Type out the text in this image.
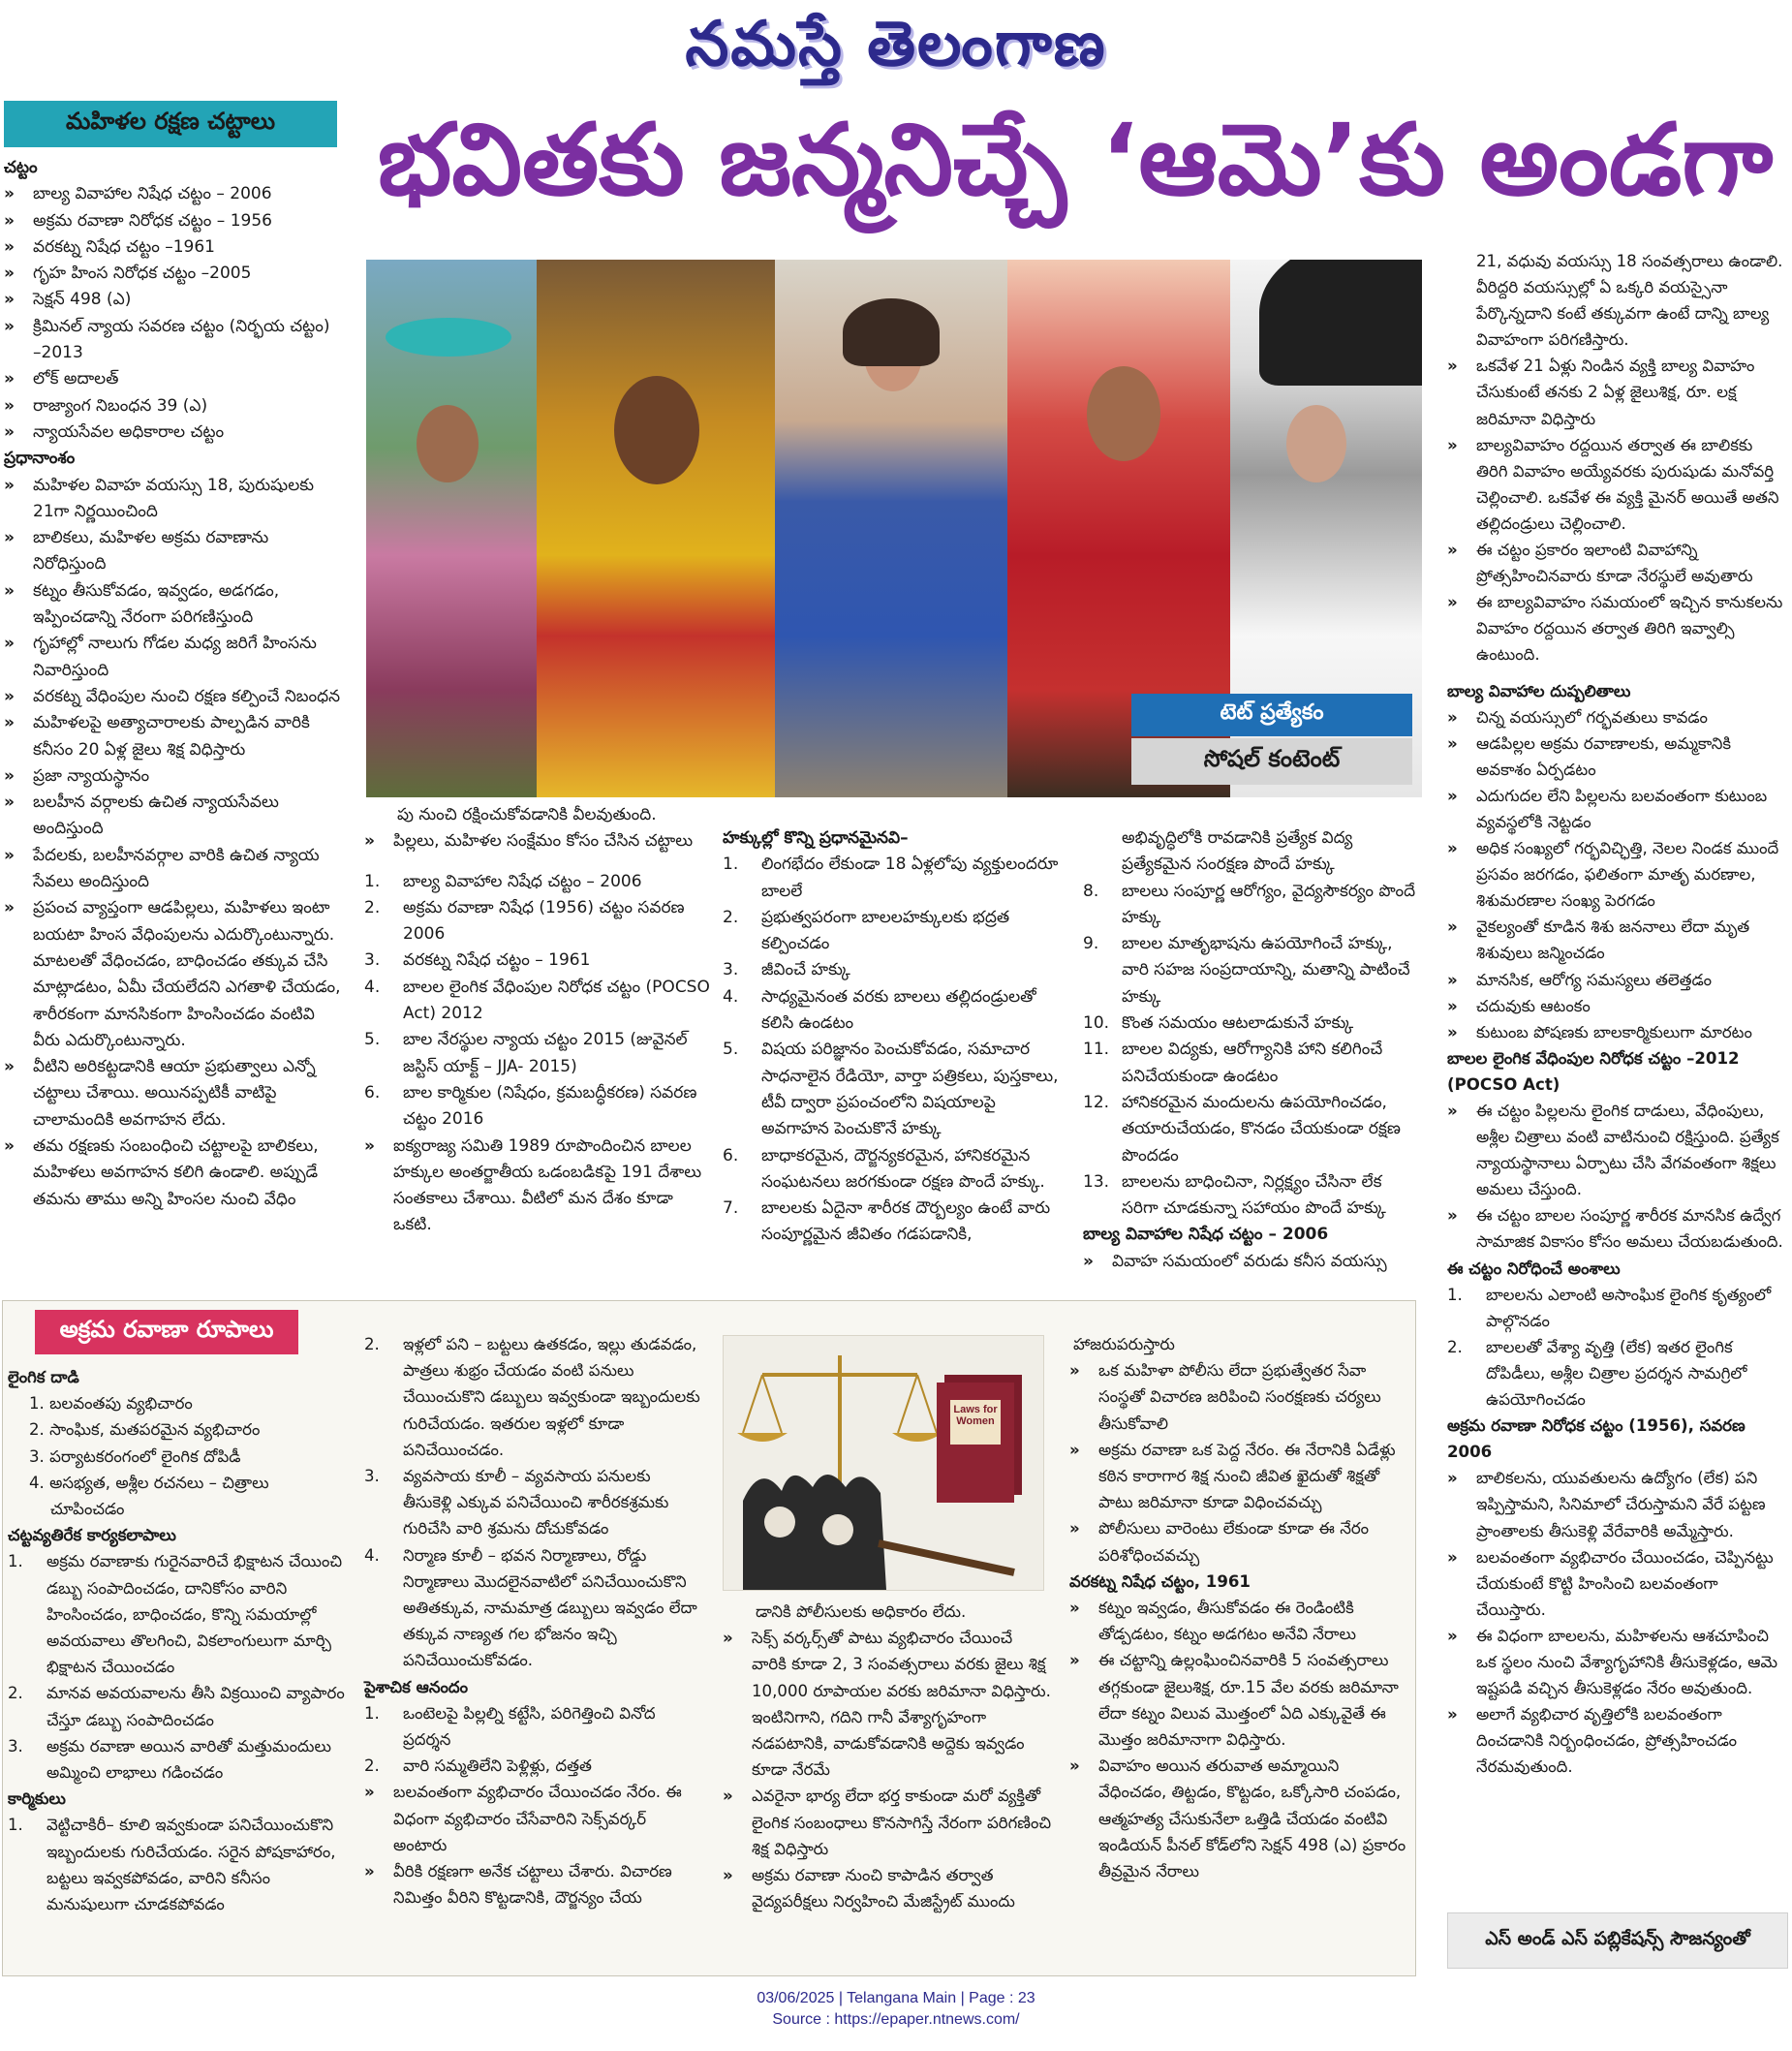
నమస్తే తెలంగాణ
భవితకు జన్మనిచ్చే ‘ఆమె’కు అండగా
మహిళల రక్షణ చట్టాలు

చట్టం

» బాల్య వివాహాల నిషేధ చట్టం – 2006

» అక్రమ రవాణా నిరోధక చట్టం – 1956

» వరకట్న నిషేధ చట్టం –1961

» గృహ హింస నిరోధక చట్టం –2005

» సెక్షన్ 498 (ఎ)

» క్రిమినల్ న్యాయ సవరణ చట్టం (నిర్భయ చట్టం) –2013

» లోక్ అదాలత్

» రాజ్యాంగ నిబంధన 39 (ఎ)

» న్యాయసేవల అధికారాల చట్టం

ప్రధానాంశం

» మహిళల వివాహ వయస్సు 18, పురుషులకు 21గా నిర్ణయించింది

» బాలికలు, మహిళల అక్రమ రవాణాను నిరోధిస్తుంది

» కట్నం తీసుకోవడం, ఇవ్వడం, అడగడం, ఇప్పించడాన్ని నేరంగా పరిగణిస్తుంది

» గృహాల్లో నాలుగు గోడల మధ్య జరిగే హింసను నివారిస్తుంది

» వరకట్న వేధింపుల నుంచి రక్షణ కల్పించే నిబంధన

» మహిళలపై అత్యాచారాలకు పాల్పడిన వారికి కనీసం 20 ఏళ్ల జైలు శిక్ష విధిస్తారు

» ప్రజా న్యాయస్థానం

» బలహీన వర్గాలకు ఉచిత న్యాయసేవలు అందిస్తుంది

» పేదలకు, బలహీనవర్గాల వారికి ఉచిత న్యాయ సేవలు అందిస్తుంది

» ప్రపంచ వ్యాప్తంగా ఆడపిల్లలు, మహిళలు ఇంటా బయటా హింస వేధింపులను ఎదుర్కొంటున్నారు. మాటలతో వేధించడం, బాధించడం తక్కువ చేసి మాట్లాడటం, ఏమీ చేయలేదని ఎగతాళి చేయడం, శారీరకంగా మానసికంగా హింసించడం వంటివి వీరు ఎదుర్కొంటున్నారు.

» వీటిని అరికట్టడానికి ఆయా ప్రభుత్వాలు ఎన్నో చట్టాలు చేశాయి. అయినప్పటికీ వాటిపై చాలామందికి అవగాహన లేదు.

» తమ రక్షణకు సంబంధించి చట్టాలపై బాలికలు, మహిళలు అవగాహన కలిగి ఉండాలి. అప్పుడే తమను తాము అన్ని హింసల నుంచి వేధిం

టెట్ ప్రత్యేకం
సోషల్ కంటెంట్

పు నుంచి రక్షించుకోవడానికి వీలవుతుంది.

» పిల్లలు, మహిళల సంక్షేమం కోసం చేసిన చట్టాలు

1. బాల్య వివాహాల నిషేధ చట్టం – 2006

2. అక్రమ రవాణా నిషేధ (1956) చట్టం సవరణ 2006

3. వరకట్న నిషేధ చట్టం – 1961

4. బాలల లైంగిక వేధింపుల నిరోధక చట్టం (POCSO Act) 2012

5. బాల నేరస్థుల న్యాయ చట్టం 2015 (జువైనల్ జస్టిస్ యాక్ట్ – JJA- 2015)

6. బాల కార్మికుల (నిషేధం, క్రమబద్ధీకరణ) సవరణ చట్టం 2016

» ఐక్యరాజ్య సమితి 1989 రూపొందించిన బాలల హక్కుల అంతర్జాతీయ ఒడంబడికపై 191 దేశాలు సంతకాలు చేశాయి. వీటిలో మన దేశం కూడా ఒకటి.

హక్కుల్లో కొన్ని ప్రధానమైనవి–

1. లింగభేదం లేకుండా 18 ఏళ్లలోపు వ్యక్తులందరూ బాలలే

2. ప్రభుత్వపరంగా బాలలహక్కులకు భద్రత కల్పించడం

3. జీవించే హక్కు

4. సాధ్యమైనంత వరకు బాలలు తల్లిదండ్రులతో కలిసి ఉండటం

5. విషయ పరిజ్ఞానం పెంచుకోవడం, సమాచార సాధనాలైన రేడియో, వార్తా పత్రికలు, పుస్తకాలు, టీవీ ద్వారా ప్రపంచంలోని విషయాలపై అవగాహన పెంచుకొనే హక్కు

6. బాధాకరమైన, దౌర్జన్యకరమైన, హానికరమైన సంఘటనలు జరగకుండా రక్షణ పొందే హక్కు.

7. బాలలకు ఏదైనా శారీరక దౌర్బల్యం ఉంటే వారు సంపూర్ణమైన జీవితం గడపడానికి,

అభివృద్ధిలోకి రావడానికి ప్రత్యేక విద్య ప్రత్యేకమైన సంరక్షణ పొందే హక్కు

8. బాలలు సంపూర్ణ ఆరోగ్యం, వైద్యసౌకర్యం పొందే హక్కు

9. బాలల మాతృభాషను ఉపయోగించే హక్కు, వారి సహజ సంప్రదాయాన్ని, మతాన్ని పాటించే హక్కు

10. కొంత సమయం ఆటలాడుకునే హక్కు

11. బాలల విద్యకు, ఆరోగ్యానికి హాని కలిగించే పనిచేయకుండా ఉండటం

12. హానికరమైన మందులను ఉపయోగించడం, తయారుచేయడం, కొనడం చేయకుండా రక్షణ పొందడం

13. బాలలను బాధించినా, నిర్లక్ష్యం చేసినా లేక సరిగా చూడకున్నా సహాయం పొందే హక్కు

బాల్య వివాహాల నిషేధ చట్టం – 2006

» వివాహ సమయంలో వరుడు కనీస వయస్సు

21, వధువు వయస్సు 18 సంవత్సరాలు ఉండాలి. వీరిద్దరి వయస్సుల్లో ఏ ఒక్కరి వయస్సైనా పేర్కొన్నదాని కంటే తక్కువగా ఉంటే దాన్ని బాల్య వివాహంగా పరిగణిస్తారు.

» ఒకవేళ 21 ఏళ్లు నిండిన వ్యక్తి బాల్య వివాహం చేసుకుంటే తనకు 2 ఏళ్ల జైలుశిక్ష, రూ. లక్ష జరిమానా విధిస్తారు

» బాల్యవివాహం రద్దయిన తర్వాత ఈ బాలికకు తిరిగి వివాహం అయ్యేవరకు పురుషుడు మనోవర్తి చెల్లించాలి. ఒకవేళ ఈ వ్యక్తి మైనర్ అయితే అతని తల్లిదండ్రులు చెల్లించాలి.

» ఈ చట్టం ప్రకారం ఇలాంటి వివాహాన్ని ప్రోత్సహించినవారు కూడా నేరస్థులే అవుతారు

» ఈ బాల్యవివాహం సమయంలో ఇచ్చిన కానుకలను వివాహం రద్దయిన తర్వాత తిరిగి ఇవ్వాల్సి ఉంటుంది.

బాల్య వివాహాల దుష్పలితాలు

» చిన్న వయస్సులో గర్భవతులు కావడం

» ఆడపిల్లల అక్రమ రవాణాలకు, అమ్మకానికి అవకాశం ఏర్పడటం

» ఎదుగుదల లేని పిల్లలను బలవంతంగా కుటుంబ వ్యవస్థలోకి నెట్టడం

» అధిక సంఖ్యలో గర్భవిచ్ఛిత్తి, నెలల నిండక ముందే ప్రసవం జరగడం, ఫలితంగా మాతృ మరణాల, శిశుమరణాల సంఖ్య పెరగడం

» వైకల్యంతో కూడిన శిశు జననాలు లేదా మృత శిశువులు జన్మించడం

» మానసిక, ఆరోగ్య సమస్యలు తలెత్తడం

» చదువుకు ఆటంకం

» కుటుంబ పోషణకు బాలకార్మికులుగా మారటం

బాలల లైంగిక వేధింపుల నిరోధక చట్టం –2012 (POCSO Act)

» ఈ చట్టం పిల్లలను లైంగిక దాడులు, వేధింపులు, అశ్లీల చిత్రాలు వంటి వాటినుంచి రక్షిస్తుంది. ప్రత్యేక న్యాయస్థానాలు ఏర్పాటు చేసి వేగవంతంగా శిక్షలు అమలు చేస్తుంది.

» ఈ చట్టం బాలల సంపూర్ణ శారీరక మానసిక ఉద్వేగ సామాజిక వికాసం కోసం అమలు చేయబడుతుంది.

ఈ చట్టం నిరోధించే అంశాలు

1. బాలలను ఎలాంటి అసాంఘిక లైంగిక కృత్యంలో పాల్గొనడం

2. బాలలతో వేశ్యా వృత్తి (లేక) ఇతర లైంగిక దోపిడీలు, అశ్లీల చిత్రాల ప్రదర్శన సామగ్రిలో ఉపయోగించడం

అక్రమ రవాణా నిరోధక చట్టం (1956), సవరణ 2006

» బాలికలను, యువతులను ఉద్యోగం (లేక) పని ఇప్పిస్తామని, సినిమాలో చేరుస్తామని వేరే పట్టణ ప్రాంతాలకు తీసుకెళ్లి వేరేవారికి అమ్మేస్తారు.

» బలవంతంగా వ్యభిచారం చేయించడం, చెప్పినట్టు చేయకుంటే కొట్టి హింసించి బలవంతంగా చేయిస్తారు.

» ఈ విధంగా బాలలను, మహిళలను ఆశచూపించి ఒక స్థలం నుంచి వేశ్యాగృహానికి తీసుకెళ్లడం, ఆమె ఇష్టపడి వచ్చిన తీసుకెళ్లడం నేరం అవుతుంది.

» అలాగే వ్యభిచార వృత్తిలోకి బలవంతంగా దించడానికి నిర్బంధించడం, ప్రోత్సహించడం నేరమవుతుంది.

అక్రమ రవాణా రూపాలు

లైంగిక దాడి

1. బలవంతపు వ్యభిచారం

2. సాంఘిక, మతపరమైన వ్యభిచారం

3. పర్యాటకరంగంలో లైంగిక దోపిడీ

4. అసభ్యత, అశ్లీల రచనలు – చిత్రాలు చూపించడం

చట్టవ్యతిరేక కార్యకలాపాలు

1. అక్రమ రవాణాకు గురైనవారిచే భిక్షాటన చేయించి డబ్బు సంపాదించడం, దానికోసం వారిని హింసించడం, బాధించడం, కొన్ని సమయాల్లో అవయవాలు తొలగించి, వికలాంగులుగా మార్చి భిక్షాటన చేయించడం

2. మానవ అవయవాలను తీసి విక్రయించి వ్యాపారం చేస్తూ డబ్బు సంపాదించడం

3. అక్రమ రవాణా అయిన వారితో మత్తుమందులు అమ్మించి లాభాలు గడించడం

కార్మికులు

1. వెట్టిచాకిరీ– కూలి ఇవ్వకుండా పనిచేయించుకొని ఇబ్బందులకు గురిచేయడం. సరైన పోషకాహారం, బట్టలు ఇవ్వకపోవడం, వారిని కనీసం మనుషులుగా చూడకపోవడం

2. ఇళ్లలో పని – బట్టలు ఉతకడం, ఇల్లు తుడవడం, పాత్రలు శుభ్రం చేయడం వంటి పనులు చేయించుకొని డబ్బులు ఇవ్వకుండా ఇబ్బందులకు గురిచేయడం. ఇతరుల ఇళ్లలో కూడా పనిచేయించడం.

3. వ్యవసాయ కూలీ – వ్యవసాయ పనులకు తీసుకెళ్లి ఎక్కువ పనిచేయించి శారీరకశ్రమకు గురిచేసి వారి శ్రమను దోచుకోవడం

4. నిర్మాణ కూలీ – భవన నిర్మాణాలు, రోడ్డు నిర్మాణాలు మొదలైనవాటిలో పనిచేయించుకొని అతితక్కువ, నామమాత్ర డబ్బులు ఇవ్వడం లేదా తక్కువ నాణ్యత గల భోజనం ఇచ్చి పనిచేయించుకోవడం.

పైశాచిక ఆనందం

1. ఒంటెలపై పిల్లల్ని కట్టేసి, పరిగెత్తించి వినోద ప్రదర్శన

2. వారి సమ్మతిలేని పెళ్లిళ్లు, దత్తత

» బలవంతంగా వ్యభిచారం చేయించడం నేరం. ఈ విధంగా వ్యభిచారం చేసేవారిని సెక్స్‌వర్కర్ అంటారు

» వీరికి రక్షణగా అనేక చట్టాలు చేశారు. విచారణ నిమిత్తం వీరిని కొట్టడానికి, దౌర్జన్యం చేయ

Laws for Women

డానికి పోలీసులకు అధికారం లేదు.

» సెక్స్ వర్కర్స్‌తో పాటు వ్యభిచారం చేయించే వారికి కూడా 2, 3 సంవత్సరాలు వరకు జైలు శిక్ష 10,000 రూపాయల వరకు జరిమానా విధిస్తారు. ఇంటినిగాని, గదిని గానీ వేశ్యాగృహంగా నడపటానికి, వాడుకోవడానికి అద్దెకు ఇవ్వడం కూడా నేరమే

» ఎవరైనా భార్య లేదా భర్త కాకుండా మరో వ్యక్తితో లైంగిక సంబంధాలు కొనసాగిస్తే నేరంగా పరిగణించి శిక్ష విధిస్తారు

» అక్రమ రవాణా నుంచి కాపాడిన తర్వాత వైద్యపరీక్షలు నిర్వహించి మేజిస్ట్రేట్ ముందు

హాజరుపరుస్తారు

» ఒక మహిళా పోలీసు లేదా ప్రభుత్వేతర సేవా సంస్థతో విచారణ జరిపించి సంరక్షణకు చర్యలు తీసుకోవాలి

» అక్రమ రవాణా ఒక పెద్ద నేరం. ఈ నేరానికి ఏడేళ్లు కఠిన కారాగార శిక్ష నుంచి జీవిత ఖైదుతో శిక్షతో పాటు జరిమానా కూడా విధించవచ్చు

» పోలీసులు వారెంటు లేకుండా కూడా ఈ నేరం పరిశోధించవచ్చు

వరకట్న నిషేధ చట్టం, 1961

» కట్నం ఇవ్వడం, తీసుకోవడం ఈ రెండింటికి తోడ్పడటం, కట్నం అడగటం అనేవి నేరాలు

» ఈ చట్టాన్ని ఉల్లంఘించినవారికి 5 సంవత్సరాలు తగ్గకుండా జైలుశిక్ష, రూ.15 వేల వరకు జరిమానా లేదా కట్నం విలువ మొత్తంలో ఏది ఎక్కువైతే ఈ మొత్తం జరిమానాగా విధిస్తారు.

» వివాహం అయిన తరువాత అమ్మాయిని వేధించడం, తిట్టడం, కొట్టడం, ఒక్కోసారి చంపడం, ఆత్మహత్య చేసుకునేలా ఒత్తిడి చేయడం వంటివి ఇండియన్ పీనల్ కోడ్‌లోని సెక్షన్ 498 (ఎ) ప్రకారం తీవ్రమైన నేరాలు

ఎస్ అండ్ ఎస్ పబ్లికేషన్స్ సౌజన్యంతో
03/06/2025 | Telangana Main | Page : 23
Source : https://epaper.ntnews.com/
